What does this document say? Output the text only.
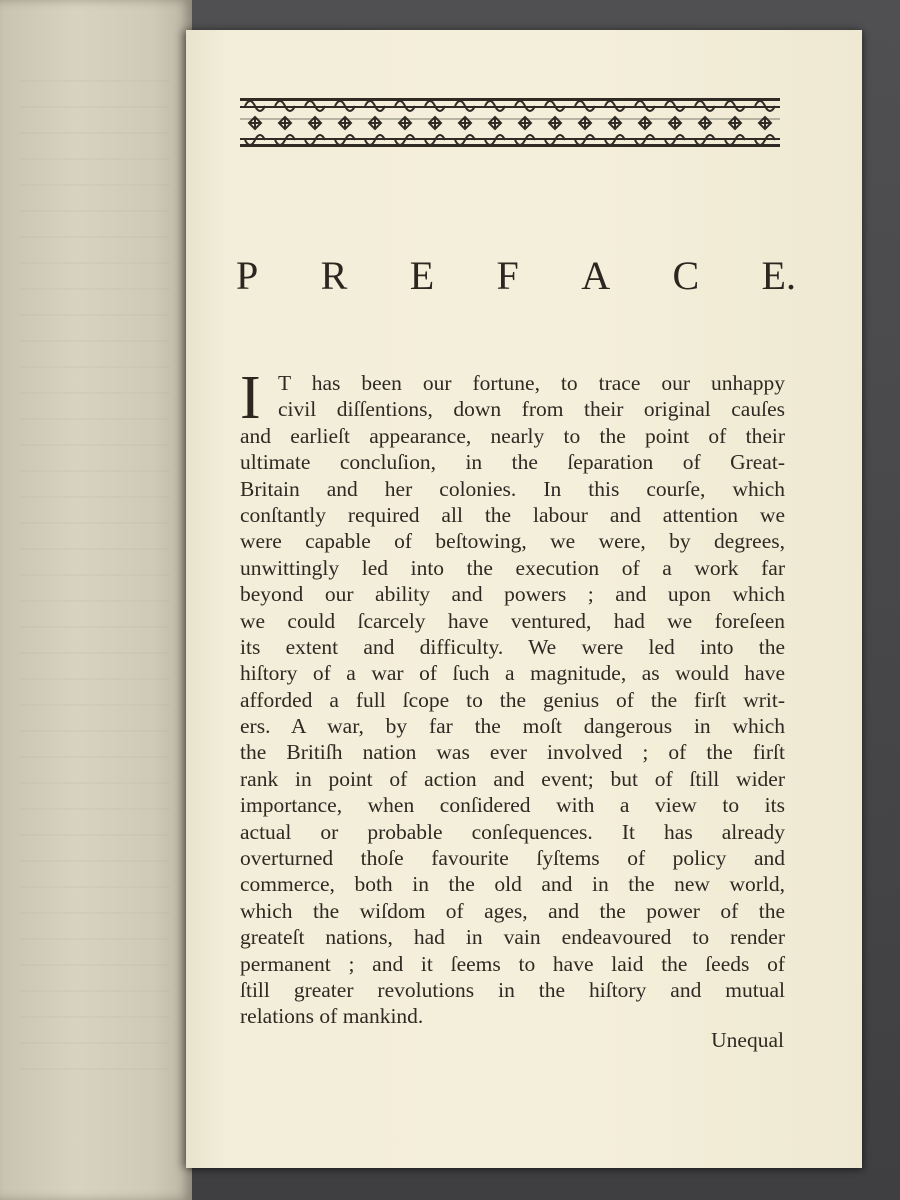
P R E F A C E.
I T has been our fortune, to trace our unhappy
civil diſſentions, down from their original cauſes
and earlieſt appearance, nearly to the point of their
ultimate concluſion, in the ſeparation of Great-
Britain and her colonies. In this courſe, which
conſtantly required all the labour and attention we
were capable of beſtowing, we were, by degrees,
unwittingly led into the execution of a work far
beyond our ability and powers ; and upon which
we could ſcarcely have ventured, had we foreſeen
its extent and difficulty. We were led into the
hiſtory of a war of ſuch a magnitude, as would have
afforded a full ſcope to the genius of the firſt writ-
ers. A war, by far the moſt dangerous in which
the Britiſh nation was ever involved ; of the firſt
rank in point of action and event; but of ſtill wider
importance, when conſidered with a view to its
actual or probable conſequences. It has already
overturned thoſe favourite ſyſtems of policy and
commerce, both in the old and in the new world,
which the wiſdom of ages, and the power of the
greateſt nations, had in vain endeavoured to render
permanent ; and it ſeems to have laid the ſeeds of
ſtill greater revolutions in the hiſtory and mutual
relations of mankind.
Unequal
